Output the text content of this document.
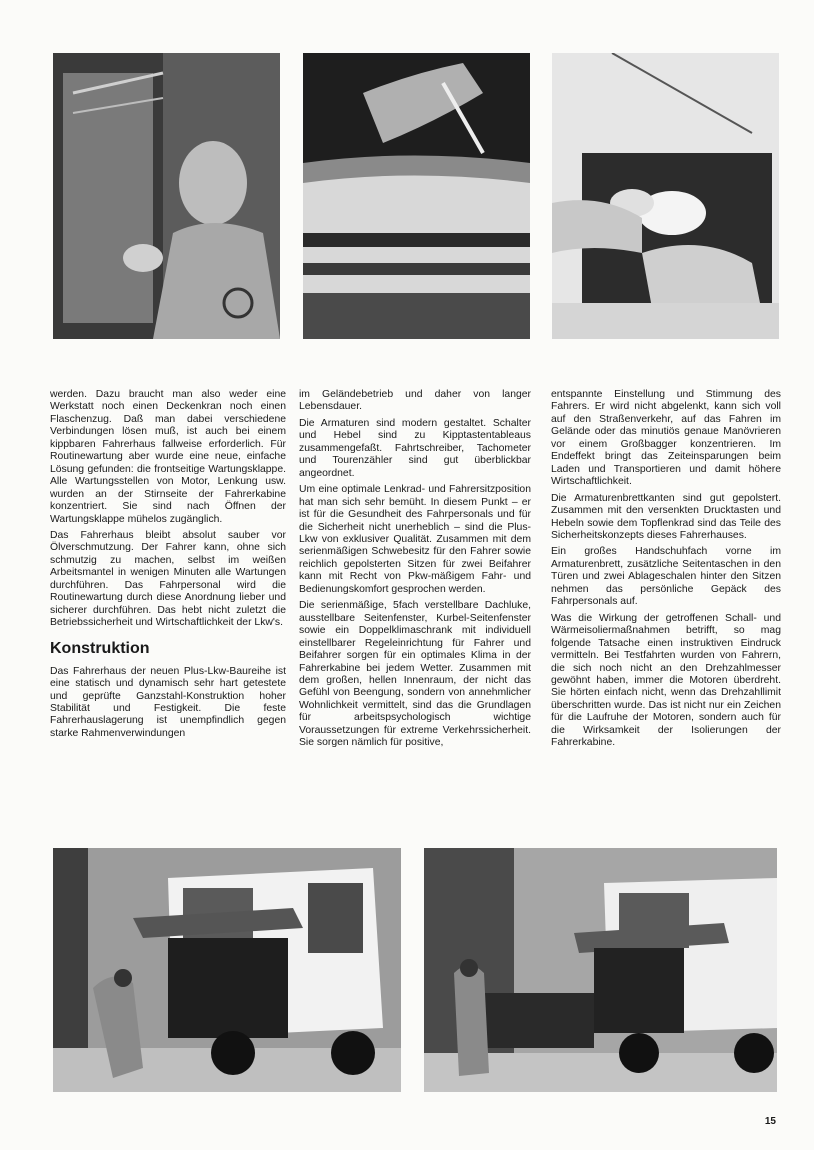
werden. Dazu braucht man also weder eine Werkstatt noch einen Deckenkran noch einen Flaschenzug. Daß man dabei verschiedene Verbindungen lösen muß, ist auch bei einem kippbaren Fahrerhaus fallweise erforderlich. Für Routinewartung aber wurde eine neue, einfache Lösung gefunden: die frontseitige Wartungsklappe. Alle Wartungsstellen von Motor, Lenkung usw. wurden an der Stirnseite der Fahrerkabine konzentriert. Sie sind nach Öffnen der Wartungsklappe mühelos zugänglich.

Das Fahrerhaus bleibt absolut sauber vor Ölverschmutzung. Der Fahrer kann, ohne sich schmutzig zu machen, selbst im weißen Arbeitsmantel in wenigen Minuten alle Wartungen durchführen. Das Fahrpersonal wird die Routinewartung durch diese Anordnung lieber und sicherer durchführen. Das hebt nicht zuletzt die Betriebssicherheit und Wirtschaftlichkeit der Lkw's.

Konstruktion

Das Fahrerhaus der neuen Plus-Lkw-Baureihe ist eine statisch und dynamisch sehr hart getestete und geprüfte Ganzstahl-Konstruktion hoher Stabilität und Festigkeit. Die feste Fahrerhauslagerung ist unempfindlich gegen starke Rahmenverwindungen

im Geländebetrieb und daher von langer Lebensdauer.

Die Armaturen sind modern gestaltet. Schalter und Hebel sind zu Kipptastentableaus zusammengefaßt. Fahrtschreiber, Tachometer und Tourenzähler sind gut überblickbar angeordnet.

Um eine optimale Lenkrad- und Fahrersitzposition hat man sich sehr bemüht. In diesem Punkt – er ist für die Gesundheit des Fahrpersonals und für die Sicherheit nicht unerheblich – sind die Plus-Lkw von exklusiver Qualität. Zusammen mit dem serienmäßigen Schwebesitz für den Fahrer sowie reichlich gepolsterten Sitzen für zwei Beifahrer kann mit Recht von Pkw-mäßigem Fahr- und Bedienungskomfort gesprochen werden.

Die serienmäßige, 5fach verstellbare Dachluke, ausstellbare Seitenfenster, Kurbel-Seitenfenster sowie ein Doppelklimaschrank mit individuell einstellbarer Regeleinrichtung für Fahrer und Beifahrer sorgen für ein optimales Klima in der Fahrerkabine bei jedem Wetter. Zusammen mit dem großen, hellen Innenraum, der nicht das Gefühl von Beengung, sondern von annehmlicher Wohnlichkeit vermittelt, sind das die Grundlagen für arbeitspsychologisch wichtige Voraussetzungen für extreme Verkehrssicherheit. Sie sorgen nämlich für positive,

entspannte Einstellung und Stimmung des Fahrers. Er wird nicht abgelenkt, kann sich voll auf den Straßenverkehr, auf das Fahren im Gelände oder das minutiös genaue Manövrieren vor einem Großbagger konzentrieren. Im Endeffekt bringt das Zeiteinsparungen beim Laden und Transportieren und damit höhere Wirtschaftlichkeit.

Die Armaturenbrettkanten sind gut gepolstert. Zusammen mit den versenkten Drucktasten und Hebeln sowie dem Topflenkrad sind das Teile des Sicherheitskonzepts dieses Fahrerhauses.

Ein großes Handschuhfach vorne im Armaturenbrett, zusätzliche Seitentaschen in den Türen und zwei Ablageschalen hinter den Sitzen nehmen das persönliche Gepäck des Fahrpersonals auf.

Was die Wirkung der getroffenen Schall- und Wärmeisoliermaßnahmen betrifft, so mag folgende Tatsache einen instruktiven Eindruck vermitteln. Bei Testfahrten wurden von Fahrern, die sich noch nicht an den Drehzahlmesser gewöhnt haben, immer die Motoren überdreht. Sie hörten einfach nicht, wenn das Drehzahllimit überschritten wurde. Das ist nicht nur ein Zeichen für die Laufruhe der Motoren, sondern auch für die Wirksamkeit der Isolierungen der Fahrerkabine.

15
